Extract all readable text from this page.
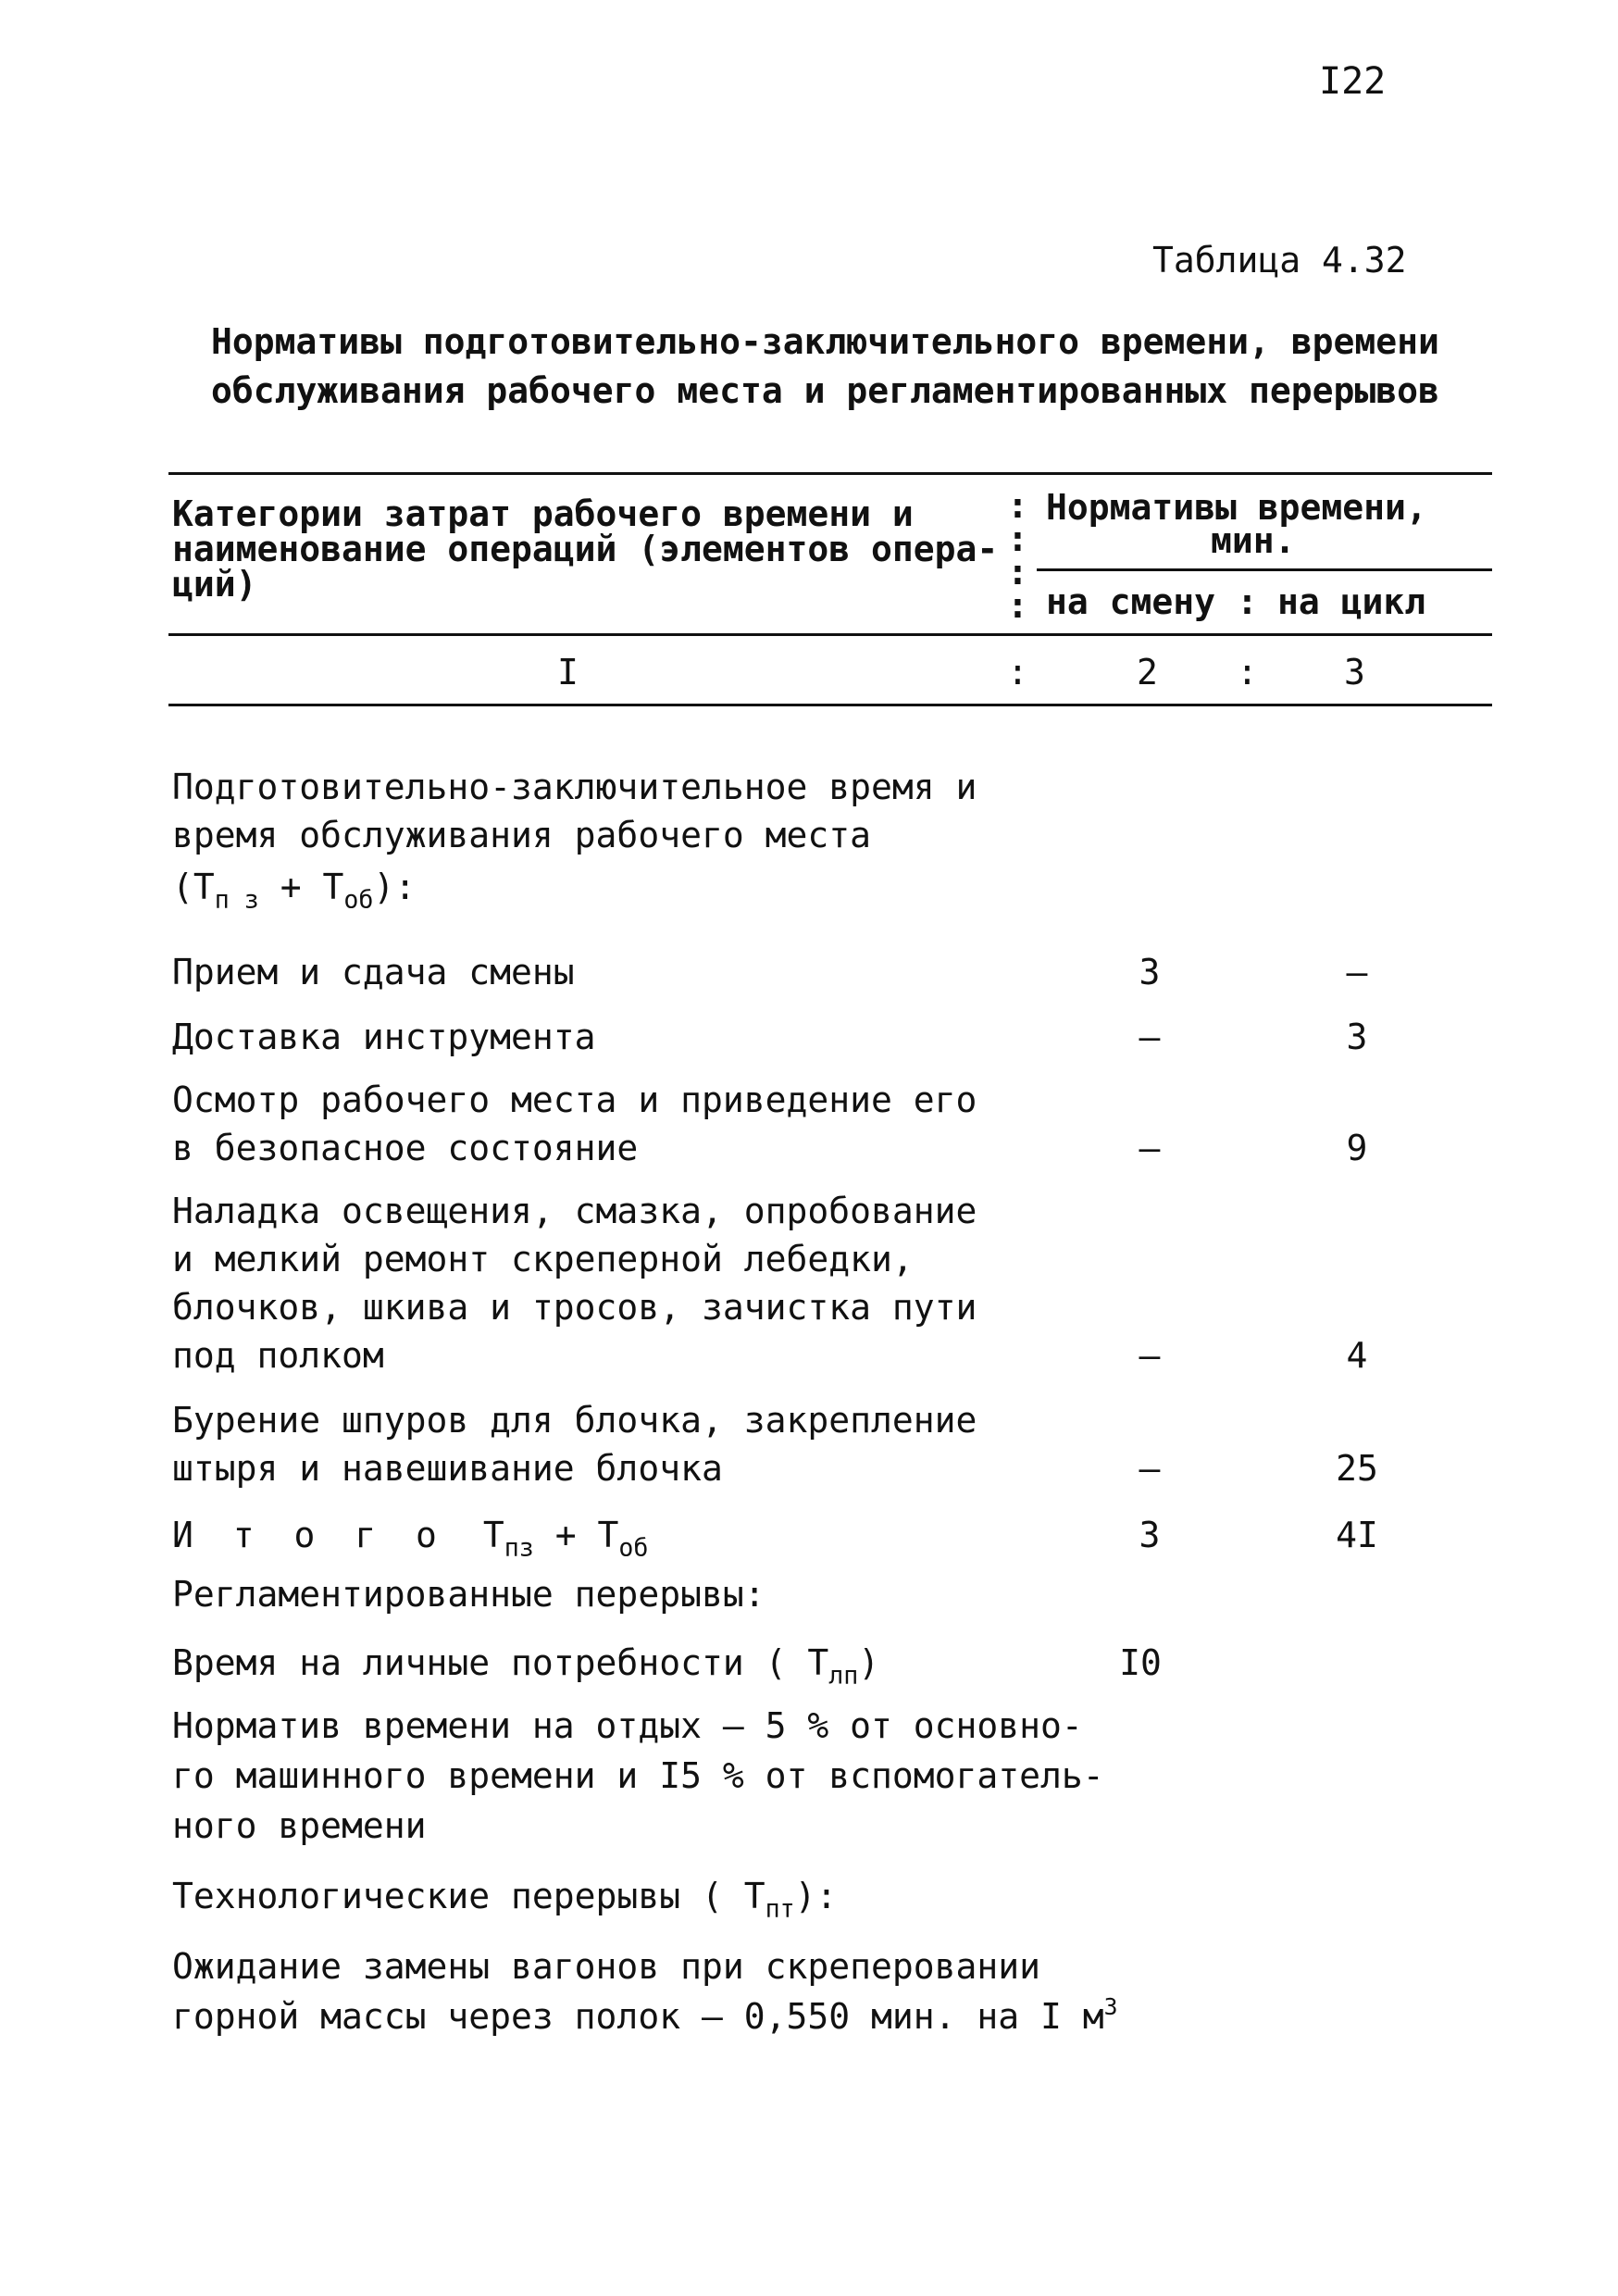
I22
Таблица 4.32
Нормативы подготовительно-заключительного времени, времени
обслуживания рабочего места и регламентированных перерывов
Категории затрат рабочего времени и
наименование операций (элементов опера-
ций)
:
:
:
:
Нормативы времени,
мин.
на смену : на цикл
I	:	2 : 3
Подготовительно-заключительное время и
время обслуживания рабочего места
$(T_{п з} + T_{об})$:
Прием и сдача смены	3	–
Доставка инструмента	–	3
Осмотр рабочего места и приведение его
в безопасное состояние	–	9
Наладка освещения, смазка, опробование
и мелкий ремонт скреперной лебедки,
блочков, шкива и тросов, зачистка пути
под полком	–	4
Бурение шпуров для блочка, закрепление
штыря и навешивание блочка	–	25
И т о г о $T_{пз} + T_{об}$	3	4I
Регламентированные перерывы:
Время на личные потребности ( $T_{лп}$)	I0
Норматив времени на отдых – 5 % от основно-
го машинного времени и I5 % от вспомогатель-
ного времени
Технологические перерывы ( $T_{пт}$):
Ожидание замены вагонов при скреперовании
горной массы через полок – 0,550 мин. на I $м^3$
